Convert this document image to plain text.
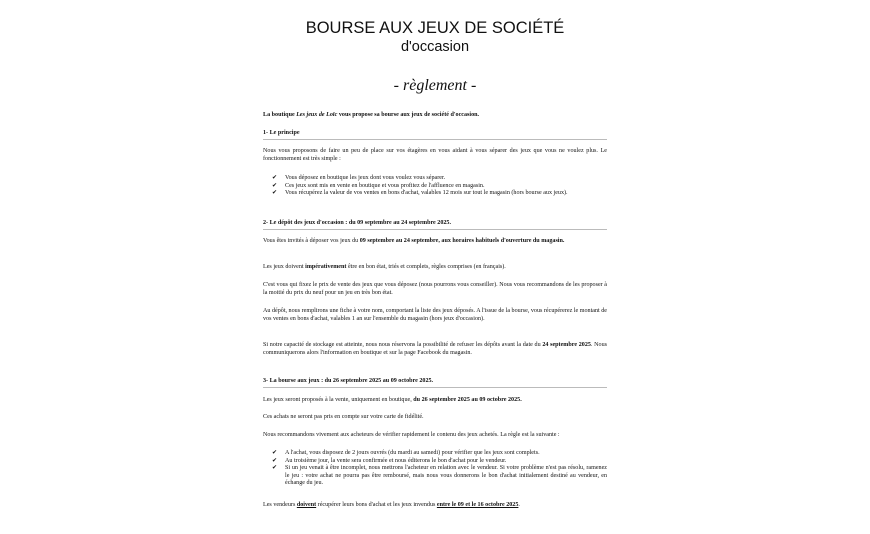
BOURSE AUX JEUX DE SOCIÉTÉ
d'occasion
- règlement -

La boutique Les jeux de Loïc vous propose sa bourse aux jeux de société d'occasion.

1- Le principe

Nous vous proposons de faire un peu de place sur vos étagères en vous aidant à vous séparer des jeux que vous ne voulez plus. Le fonctionnement est très simple :

✔ Vous déposez en boutique les jeux dont vous voulez vous séparer.
✔ Ces jeux sont mis en vente en boutique et vous profitez de l'affluence en magasin.
✔ Vous récupérez la valeur de vos ventes en bons d'achat, valables 12 mois sur tout le magasin (hors bourse aux jeux).

2- Le dépôt des jeux d'occasion : du 09 septembre au 24 septembre 2025.

Vous êtes invités à déposer vos jeux du 09 septembre au 24 septembre, aux horaires habituels d'ouverture du magasin.

Les jeux doivent impérativement être en bon état, triés et complets, règles comprises (en français).

C'est vous qui fixez le prix de vente des jeux que vous déposez (nous pourrons vous conseiller). Nous vous recommandons de les proposer à la moitié du prix du neuf pour un jeu en très bon état.

Au dépôt, nous remplirons une fiche à votre nom, comportant la liste des jeux déposés. A l'issue de la bourse, vous récupérerez le montant de vos ventes en bons d'achat, valables 1 an sur l'ensemble du magasin (hors jeux d'occasion).

Si notre capacité de stockage est atteinte, nous nous réservons la possibilité de refuser les dépôts avant la date du 24 septembre 2025. Nous communiquerons alors l'information en boutique et sur la page Facebook du magasin.

3- La bourse aux jeux : du 26 septembre 2025 au 09 octobre 2025.

Les jeux seront proposés à la vente, uniquement en boutique, du 26 septembre 2025 au 09 octobre 2025.

Ces achats ne seront pas pris en compte sur votre carte de fidélité.

Nous recommandons vivement aux acheteurs de vérifier rapidement le contenu des jeux achetés. La règle est la suivante :

✔ A l'achat, vous disposez de 2 jours ouvrés (du mardi au samedi) pour vérifier que les jeux sont complets.
✔ Au troisième jour, la vente sera confirmée et nous éditerons le bon d'achat pour le vendeur.
✔ Si un jeu venait à être incomplet, nous mettrons l'acheteur en relation avec le vendeur. Si votre problème n'est pas résolu, ramenez le jeu : votre achat ne pourra pas être remboursé, mais nous vous donnerons le bon d'achat initialement destiné au vendeur, en échange du jeu.

Les vendeurs doivent récupérer leurs bons d'achat et les jeux invendus entre le 09 et le 16 octobre 2025.
